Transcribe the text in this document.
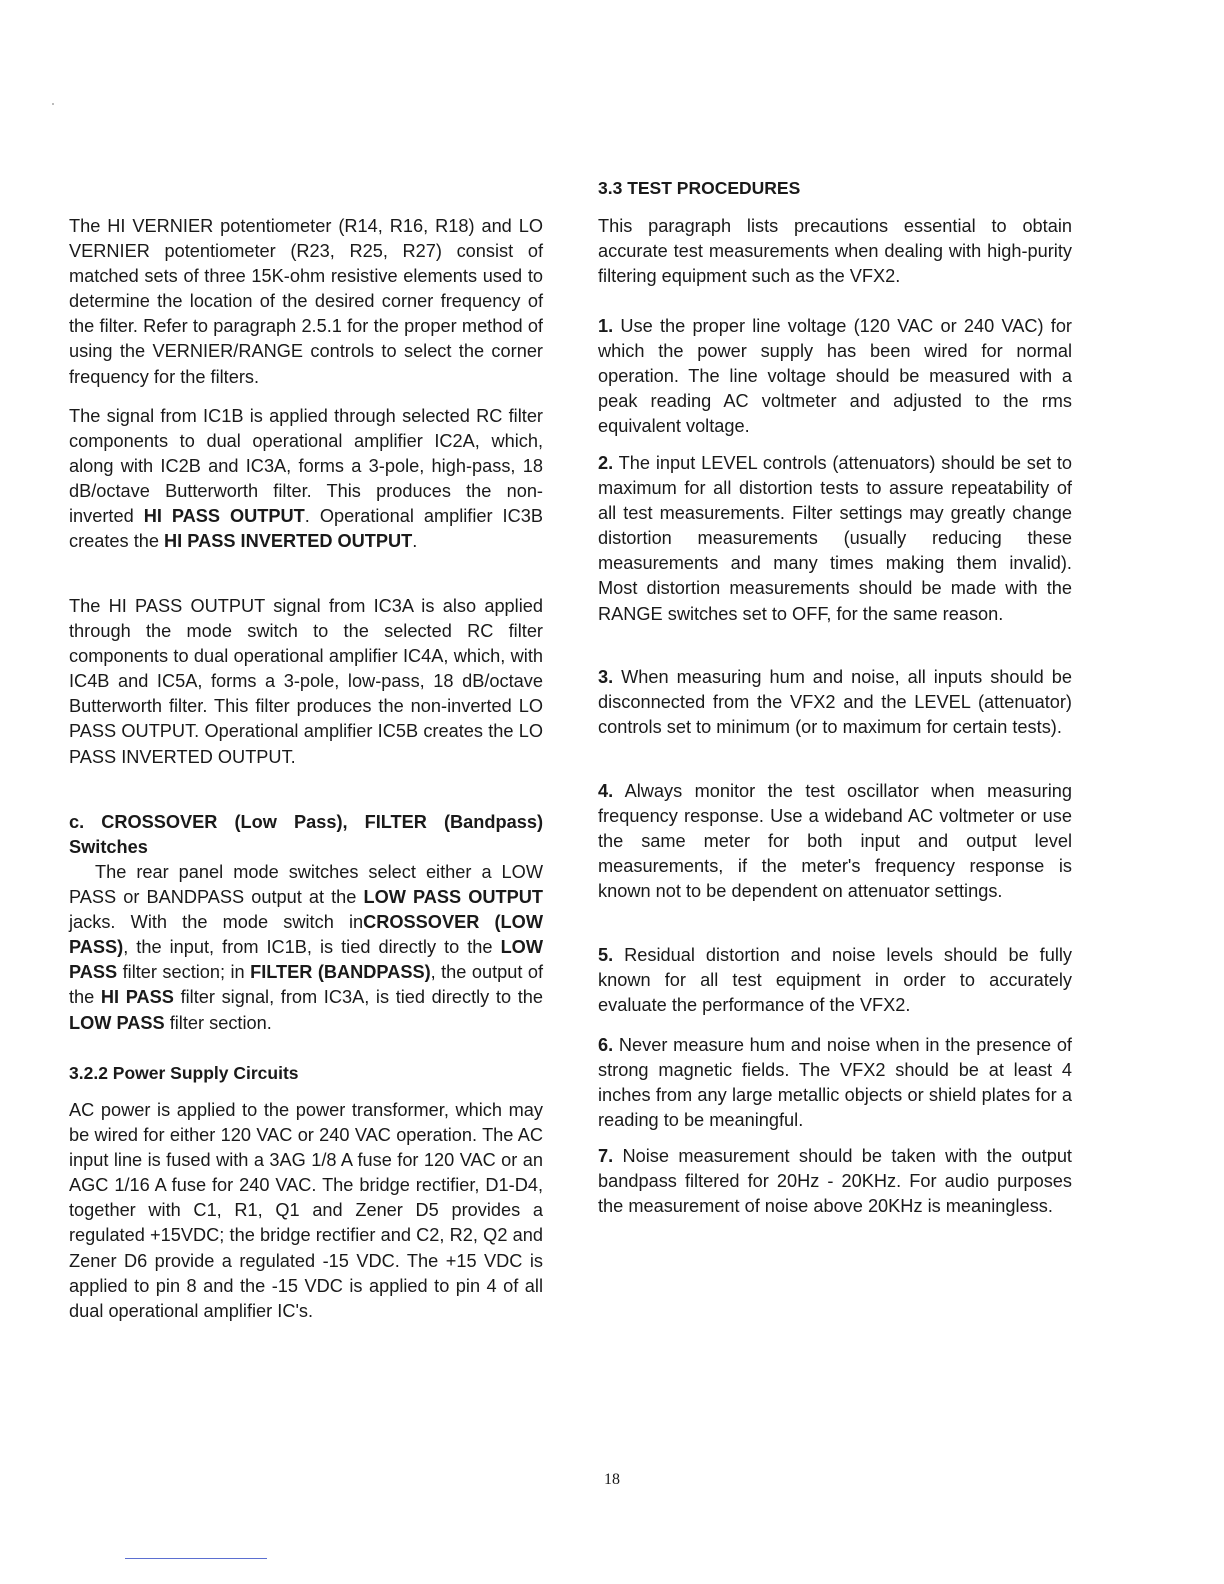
The HI VERNIER potentiometer (R14, R16, R18) and LO VERNIER potentiometer (R23, R25, R27) consist of matched sets of three 15K-ohm resistive elements used to determine the location of the desired corner frequency of the filter. Refer to paragraph 2.5.1 for the proper method of using the VERNIER/RANGE controls to select the corner frequency for the filters.

The signal from IC1B is applied through selected RC filter components to dual operational amplifier IC2A, which, along with IC2B and IC3A, forms a 3-pole, high-pass, 18 dB/octave Butterworth filter. This produces the non-inverted HI PASS OUTPUT. Operational amplifier IC3B creates the HI PASS INVERTED OUTPUT.

The HI PASS OUTPUT signal from IC3A is also applied through the mode switch to the selected RC filter components to dual operational amplifier IC4A, which, with IC4B and IC5A, forms a 3-pole, low-pass, 18 dB/octave Butterworth filter. This filter produces the non-inverted LO PASS OUTPUT. Operational amplifier IC5B creates the LO PASS INVERTED OUTPUT.

c. CROSSOVER (Low Pass), FILTER (Bandpass) Switches

The rear panel mode switches select either a LOW PASS or BANDPASS output at the LOW PASS OUTPUT jacks. With the mode switch inCROSSOVER (LOW PASS), the input, from IC1B, is tied directly to the LOW PASS filter section; in FILTER (BANDPASS), the output of the HI PASS filter signal, from IC3A, is tied directly to the LOW PASS filter section.

3.2.2 Power Supply Circuits

AC power is applied to the power transformer, which may be wired for either 120 VAC or 240 VAC operation. The AC input line is fused with a 3AG 1/8 A fuse for 120 VAC or an AGC 1/16 A fuse for 240 VAC. The bridge rectifier, D1-D4, together with C1, R1, Q1 and Zener D5 provides a regulated +15VDC; the bridge rectifier and C2, R2, Q2 and Zener D6 provide a regulated -15 VDC. The +15 VDC is applied to pin 8 and the -15 VDC is applied to pin 4 of all dual operational amplifier IC's.

3.3 TEST PROCEDURES

This paragraph lists precautions essential to obtain accurate test measurements when dealing with high-purity filtering equipment such as the VFX2.

1. Use the proper line voltage (120 VAC or 240 VAC) for which the power supply has been wired for normal operation. The line voltage should be measured with a peak reading AC voltmeter and adjusted to the rms equivalent voltage.

2. The input LEVEL controls (attenuators) should be set to maximum for all distortion tests to assure repeatability of all test measurements. Filter settings may greatly change distortion measurements (usually reducing these measurements and many times making them invalid). Most distortion measurements should be made with the RANGE switches set to OFF, for the same reason.

3. When measuring hum and noise, all inputs should be disconnected from the VFX2 and the LEVEL (attenuator) controls set to minimum (or to maximum for certain tests).

4. Always monitor the test oscillator when measuring frequency response. Use a wideband AC voltmeter or use the same meter for both input and output level measurements, if the meter's frequency response is known not to be dependent on attenuator settings.

5. Residual distortion and noise levels should be fully known for all test equipment in order to accurately evaluate the performance of the VFX2.

6. Never measure hum and noise when in the presence of strong magnetic fields. The VFX2 should be at least 4 inches from any large metallic objects or shield plates for a reading to be meaningful.

7. Noise measurement should be taken with the output bandpass filtered for 20Hz - 20KHz. For audio purposes the measurement of noise above 20KHz is meaningless.

18
